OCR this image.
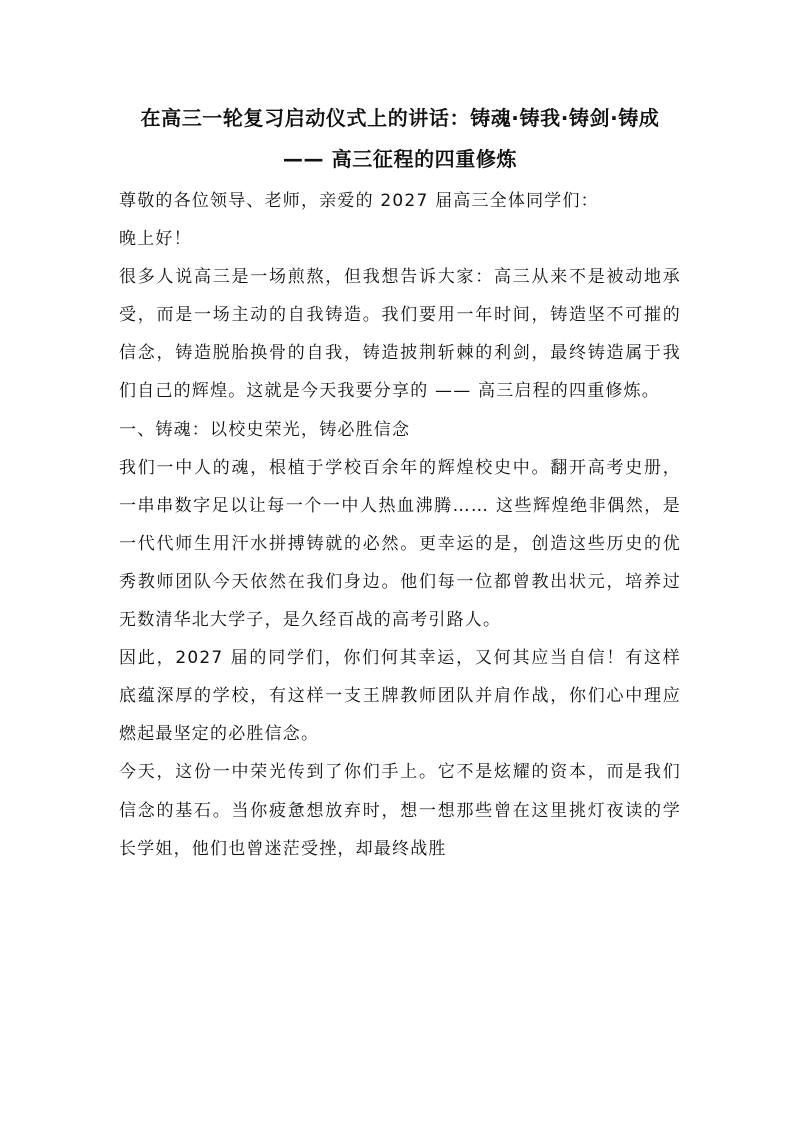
在高三一轮复习启动仪式上的讲话：铸魂·铸我·铸剑·铸成 —— 高三征程的四重修炼

尊敬的各位领导、老师，亲爱的 2027 届高三全体同学们：

晚上好！

很多人说高三是一场煎熬，但我想告诉大家：高三从来不是被动地承受，而是一场主动的自我铸造。我们要用一年时间，铸造坚不可摧的信念，铸造脱胎换骨的自我，铸造披荆斩棘的利剑，最终铸造属于我们自己的辉煌。这就是今天我要分享的 —— 高三启程的四重修炼。

一、铸魂：以校史荣光，铸必胜信念

我们一中人的魂，根植于学校百余年的辉煌校史中。翻开高考史册，一串串数字足以让每一个一中人热血沸腾…… 这些辉煌绝非偶然，是一代代师生用汗水拼搏铸就的必然。更幸运的是，创造这些历史的优秀教师团队今天依然在我们身边。他们每一位都曾教出状元，培养过无数清华北大学子，是久经百战的高考引路人。

因此，2027 届的同学们，你们何其幸运，又何其应当自信！有这样底蕴深厚的学校，有这样一支王牌教师团队并肩作战，你们心中理应燃起最坚定的必胜信念。

今天，这份一中荣光传到了你们手上。它不是炫耀的资本，而是我们信念的基石。当你疲惫想放弃时，想一想那些曾在这里挑灯夜读的学长学姐，他们也曾迷茫受挫，却最终战胜
